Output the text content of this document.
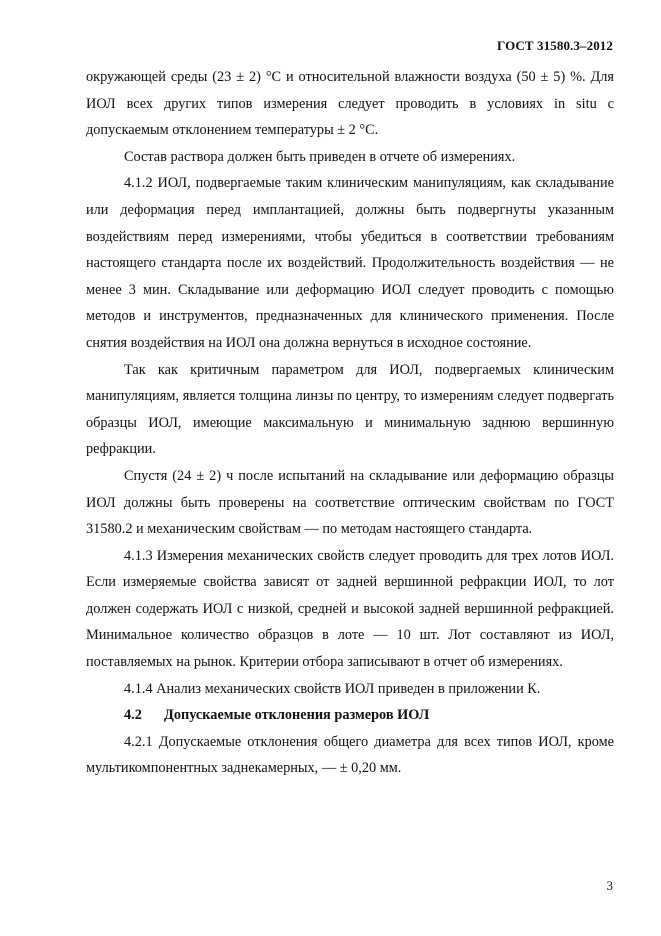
ГОСТ 31580.3–2012

окружающей среды (23 ± 2) °С и относительной влажности воздуха (50 ± 5) %. Для ИОЛ всех других типов измерения следует проводить в условиях in situ с допускаемым отклонением температуры ± 2 °С.

Состав раствора должен быть приведен в отчете об измерениях.

4.1.2 ИОЛ, подвергаемые таким клиническим манипуляциям, как складывание или деформация перед имплантацией, должны быть подвергнуты указанным воздействиям перед измерениями, чтобы убедиться в соответствии требованиям настоящего стандарта после их воздействий. Продолжительность воздействия — не менее 3 мин. Складывание или деформацию ИОЛ следует проводить с помощью методов и инструментов, предназначенных для клинического применения. После снятия воздействия на ИОЛ она должна вернуться в исходное состояние.

Так как критичным параметром для ИОЛ, подвергаемых клиническим манипуляциям, является толщина линзы по центру, то измерениям следует подвергать образцы ИОЛ, имеющие максимальную и минимальную заднюю вершинную рефракции.

Спустя (24 ± 2) ч после испытаний на складывание или деформацию образцы ИОЛ должны быть проверены на соответствие оптическим свойствам по ГОСТ 31580.2 и механическим свойствам — по методам настоящего стандарта.

4.1.3 Измерения механических свойств следует проводить для трех лотов ИОЛ. Если измеряемые свойства зависят от задней вершинной рефракции ИОЛ, то лот должен содержать ИОЛ с низкой, средней и высокой задней вершинной рефракцией. Минимальное количество образцов в лоте — 10 шт. Лот составляют из ИОЛ, поставляемых на рынок. Критерии отбора записывают в отчет об измерениях.

4.1.4 Анализ механических свойств ИОЛ приведен в приложении К.

4.2 Допускаемые отклонения размеров ИОЛ

4.2.1 Допускаемые отклонения общего диаметра для всех типов ИОЛ, кроме мультикомпонентных заднекамерных, — ± 0,20 мм.

3
